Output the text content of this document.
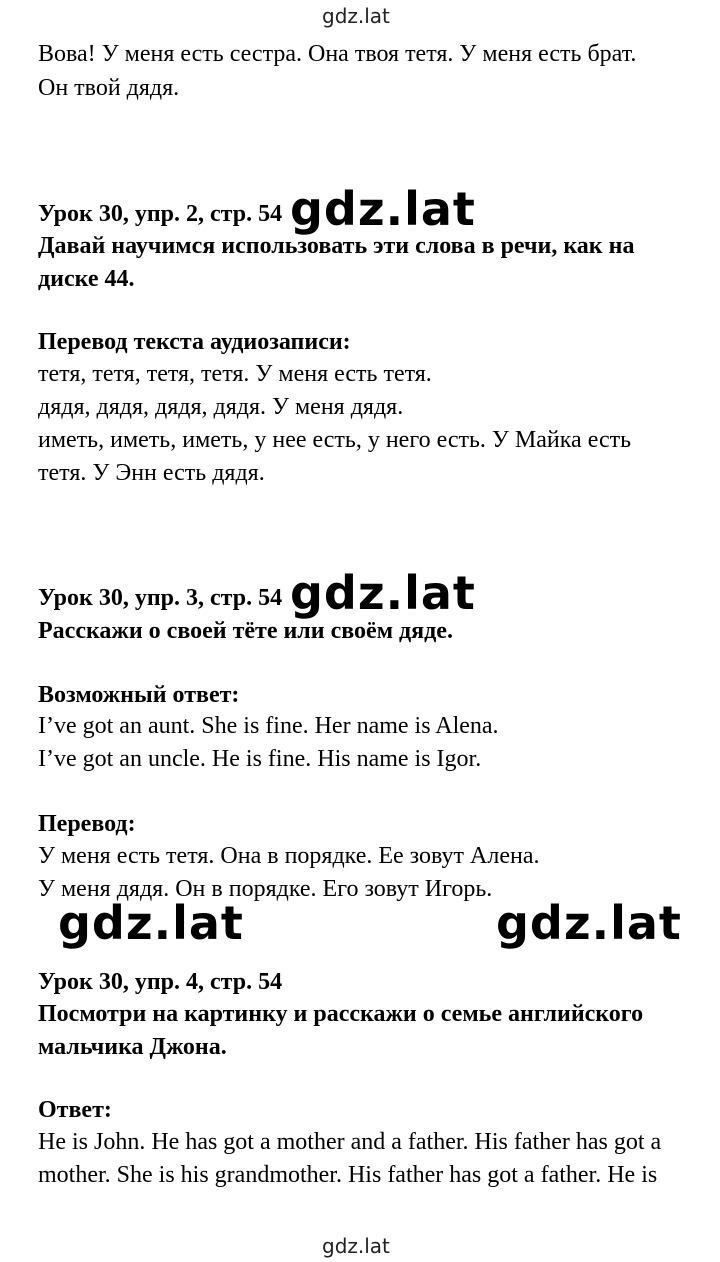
gdz.lat
Вова! У меня есть сестра. Она твоя тетя. У меня есть брат.
Он твой дядя.
Урок 30, упр. 2, стр. 54 gdz.lat
Давай научимся использовать эти слова в речи, как на
диске 44.
Перевод текста аудиозаписи:
тетя, тетя, тетя, тетя. У меня есть тетя.
дядя, дядя, дядя, дядя. У меня дядя.
иметь, иметь, иметь, у нее есть, у него есть. У Майка есть
тетя. У Энн есть дядя.
Урок 30, упр. 3, стр. 54 gdz.lat
Расскажи о своей тёте или своём дяде.
Возможный ответ:
I’ve got an aunt. She is fine. Her name is Alena.
I’ve got an uncle. He is fine. His name is Igor.
Перевод:
У меня есть тетя. Она в порядке. Ее зовут Алена.
У меня дядя. Он в порядке. Его зовут Игорь.
gdz.lat	gdz.lat
Урок 30, упр. 4, стр. 54
Посмотри на картинку и расскажи о семье английского
мальчика Джона.
Ответ:
He is John. He has got a mother and a father. His father has got a
mother. She is his grandmother. His father has got a father. He is
gdz.lat
